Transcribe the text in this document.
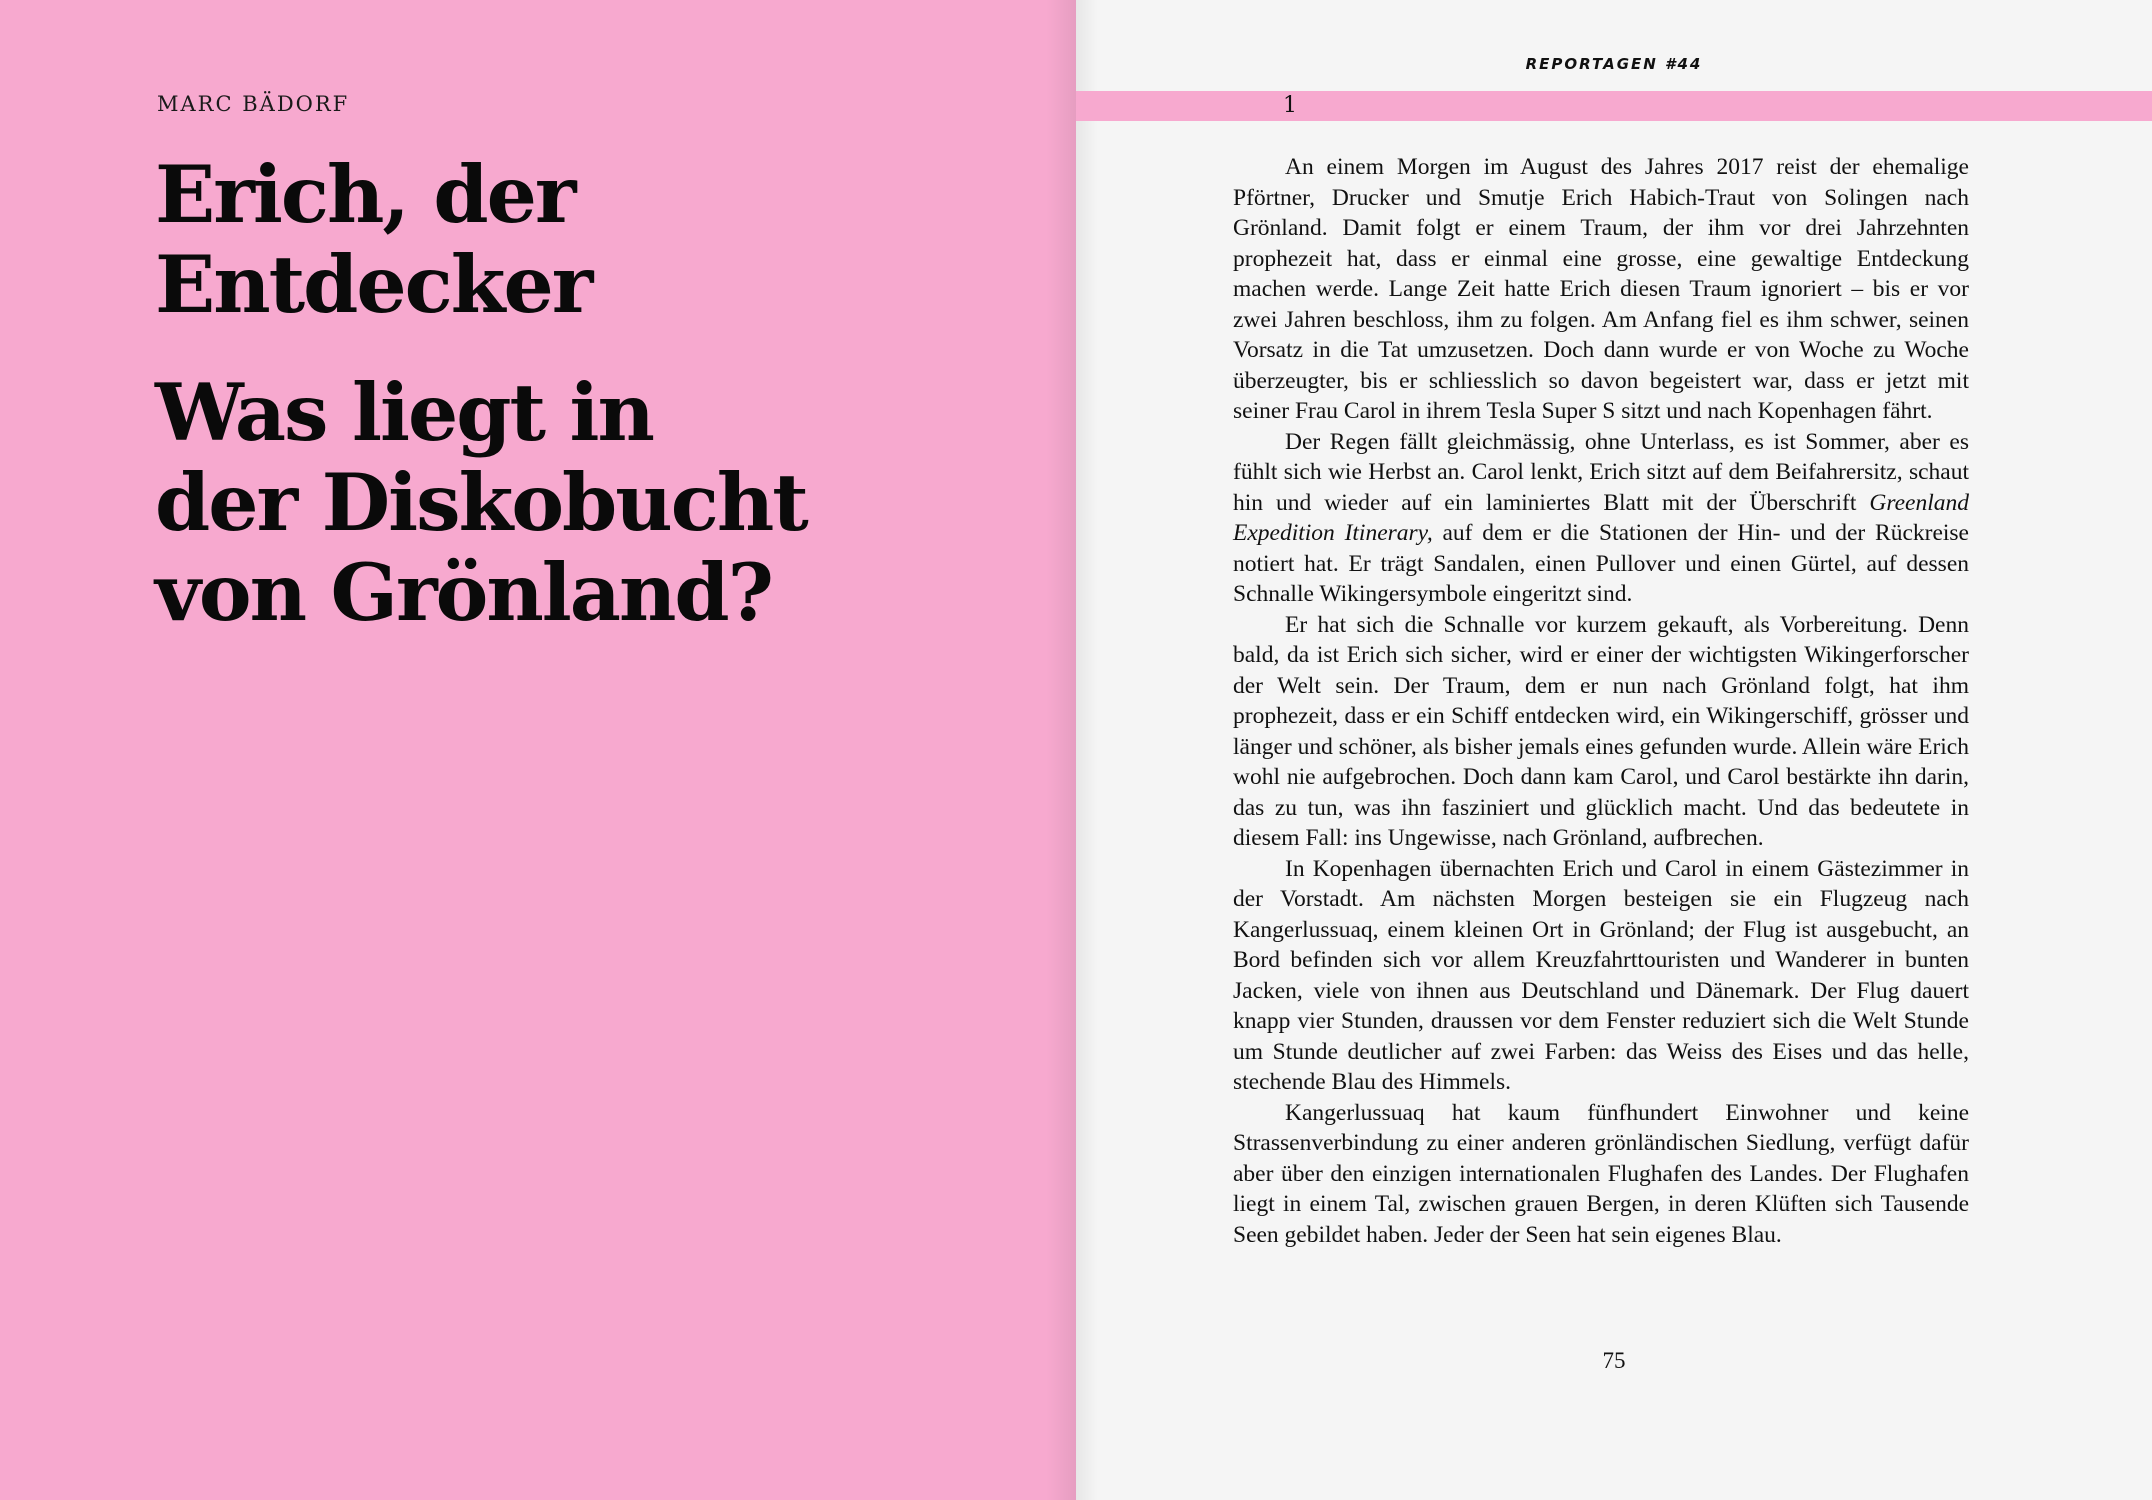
MARC BÄDORF

Erich, der
Entdecker
Was liegt in
der Diskobucht
von Grönland?

REPORTAGEN #44

1

An einem Morgen im August des Jahres 2017 reist der ehemalige Pförtner, Drucker und Smutje Erich Habich-Traut von Solingen nach Grönland. Damit folgt er einem Traum, der ihm vor drei Jahrzehnten prophezeit hat, dass er einmal eine grosse, eine gewaltige Entdeckung machen werde. Lange Zeit hatte Erich diesen Traum ignoriert – bis er vor zwei Jahren beschloss, ihm zu folgen. Am Anfang fiel es ihm schwer, seinen Vorsatz in die Tat umzusetzen. Doch dann wurde er von Woche zu Woche überzeugter, bis er schliesslich so davon begeistert war, dass er jetzt mit seiner Frau Carol in ihrem Tesla Super S sitzt und nach Kopenhagen fährt.

Der Regen fällt gleichmässig, ohne Unterlass, es ist Sommer, aber es fühlt sich wie Herbst an. Carol lenkt, Erich sitzt auf dem Beifahrersitz, schaut hin und wieder auf ein laminiertes Blatt mit der Überschrift Greenland Expedition Itinerary, auf dem er die Stationen der Hin- und der Rückreise notiert hat. Er trägt Sandalen, einen Pullover und einen Gürtel, auf dessen Schnalle Wikingersymbole eingeritzt sind.

Er hat sich die Schnalle vor kurzem gekauft, als Vorbereitung. Denn bald, da ist Erich sich sicher, wird er einer der wichtigsten Wikingerforscher der Welt sein. Der Traum, dem er nun nach Grönland folgt, hat ihm prophezeit, dass er ein Schiff entdecken wird, ein Wikingerschiff, grösser und länger und schöner, als bisher jemals eines gefunden wurde. Allein wäre Erich wohl nie aufgebrochen. Doch dann kam Carol, und Carol bestärkte ihn darin, das zu tun, was ihn fasziniert und glücklich macht. Und das bedeutete in diesem Fall: ins Ungewisse, nach Grönland, aufbrechen.

In Kopenhagen übernachten Erich und Carol in einem Gästezimmer in der Vorstadt. Am nächsten Morgen besteigen sie ein Flugzeug nach Kangerlussuaq, einem kleinen Ort in Grönland; der Flug ist ausgebucht, an Bord befinden sich vor allem Kreuzfahrttouristen und Wanderer in bunten Jacken, viele von ihnen aus Deutschland und Dänemark. Der Flug dauert knapp vier Stunden, draussen vor dem Fenster reduziert sich die Welt Stunde um Stunde deutlicher auf zwei Farben: das Weiss des Eises und das helle, stechende Blau des Himmels.

Kangerlussuaq hat kaum fünfhundert Einwohner und keine Strassenverbindung zu einer anderen grönländischen Siedlung, verfügt dafür aber über den einzigen internationalen Flughafen des Landes. Der Flughafen liegt in einem Tal, zwischen grauen Bergen, in deren Klüften sich Tausende Seen gebildet haben. Jeder der Seen hat sein eigenes Blau.

75
